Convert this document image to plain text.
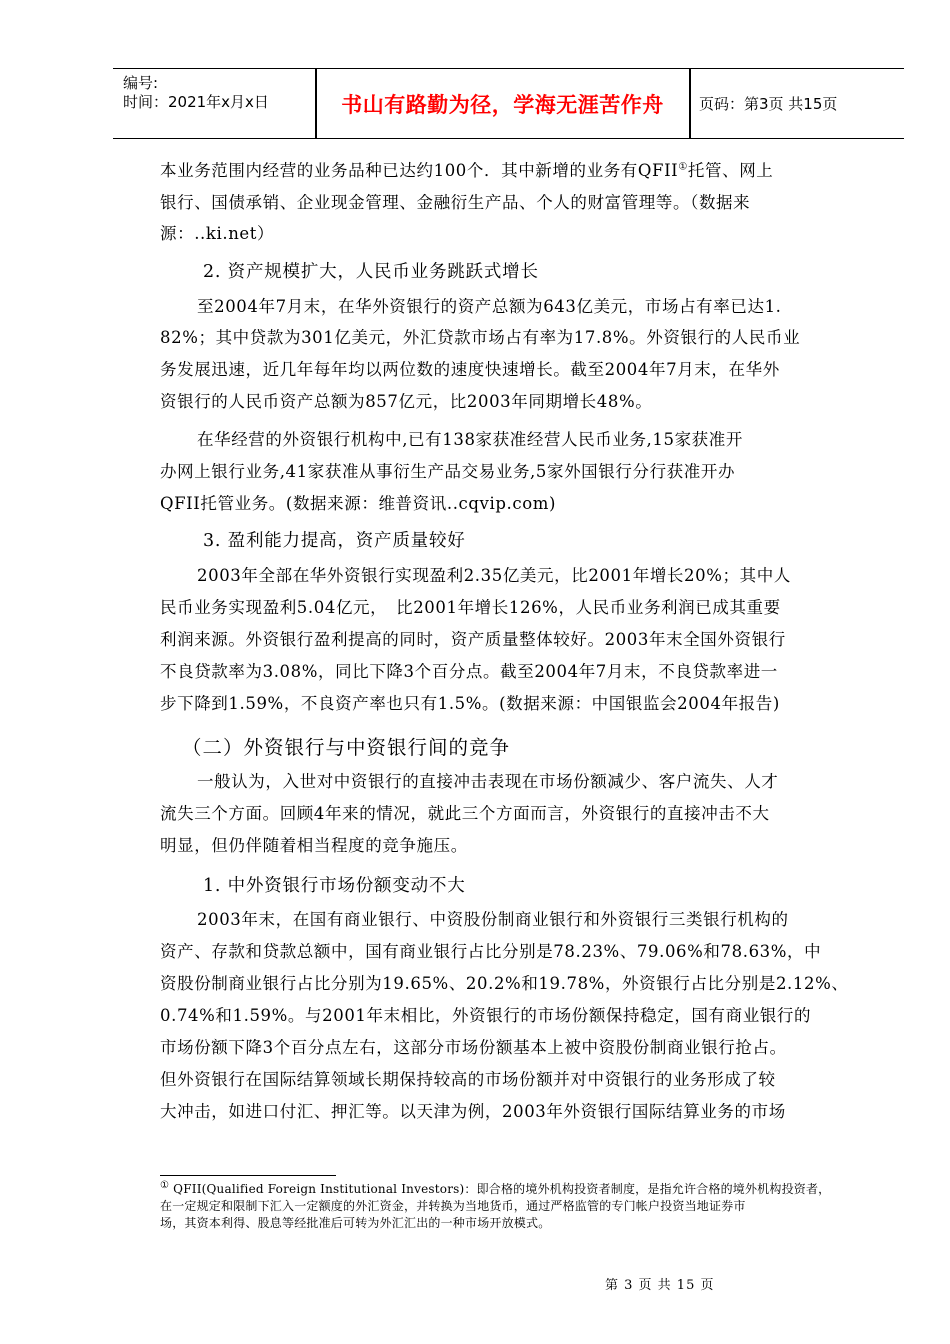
编号:
时间：2021年x月x日	书山有路勤为径，学海无涯苦作舟	页码：第3页 共15页
本业务范围内经营的业务品种已达约100个．其中新增的业务有QFII①托管、网上
银行、国债承销、企业现金管理、金融衍生产品、个人的财富管理等。（数据来
源：..ki.net）
2. 资产规模扩大，人民币业务跳跃式增长
至2004年7月末，在华外资银行的资产总额为643亿美元，市场占有率已达1.
82%；其中贷款为301亿美元，外汇贷款市场占有率为17.8%。外资银行的人民币业
务发展迅速，近几年每年均以两位数的速度快速增长。截至2004年7月末，在华外
资银行的人民币资产总额为857亿元，比2003年同期增长48%。
在华经营的外资银行机构中,已有138家获准经营人民币业务,15家获准开
办网上银行业务,41家获准从事衍生产品交易业务,5家外国银行分行获准开办
QFII托管业务。(数据来源：维普资讯..cqvip.com)
3. 盈利能力提高，资产质量较好
2003年全部在华外资银行实现盈利2.35亿美元，比2001年增长20%；其中人
民币业务实现盈利5.04亿元，　比2001年增长126%，人民币业务利润已成其重要
利润来源。外资银行盈利提高的同时，资产质量整体较好。2003年末全国外资银行
不良贷款率为3.08%，同比下降3个百分点。截至2004年7月末，不良贷款率进一
步下降到1.59%，不良资产率也只有1.5%。(数据来源：中国银监会2004年报告)
（二）外资银行与中资银行间的竞争
一般认为，入世对中资银行的直接冲击表现在市场份额减少、客户流失、人才
流失三个方面。回顾4年来的情况，就此三个方面而言，外资银行的直接冲击不大
明显，但仍伴随着相当程度的竞争施压。
1. 中外资银行市场份额变动不大
2003年末，在国有商业银行、中资股份制商业银行和外资银行三类银行机构的
资产、存款和贷款总额中，国有商业银行占比分别是78.23%、79.06%和78.63%，中
资股份制商业银行占比分别为19.65%、20.2%和19.78%，外资银行占比分别是2.12%、
0.74%和1.59%。与2001年末相比，外资银行的市场份额保持稳定，国有商业银行的
市场份额下降3个百分点左右，这部分市场份额基本上被中资股份制商业银行抢占。
但外资银行在国际结算领域长期保持较高的市场份额并对中资银行的业务形成了较
大冲击，如进口付汇、押汇等。以天津为例，2003年外资银行国际结算业务的市场
① QFII(Qualified Foreign Institutional Investors)：即合格的境外机构投资者制度，是指允许合格的境外机构投资者，
在一定规定和限制下汇入一定额度的外汇资金，并转换为当地货币，通过严格监管的专门帐户投资当地证券市
场，其资本利得、股息等经批准后可转为外汇汇出的一种市场开放模式。
第 3 页 共 15 页
